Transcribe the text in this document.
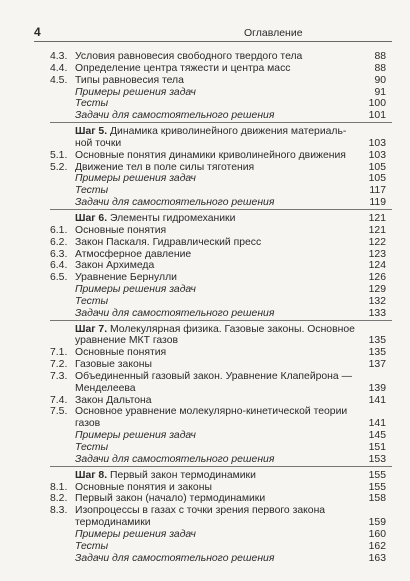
4	Оглавление
4.3. Условия равновесия свободного твердого тела	88
4.4. Определение центра тяжести и центра масс	88
4.5. Типы равновесия тела	90
Примеры решения задач	91
Тесты	100
Задачи для самостоятельного решения	101
Шаг 5. Динамика криволинейного движения материальной точки	103
5.1. Основные понятия динамики криволинейного движения	103
5.2. Движение тел в поле силы тяготения	105
Примеры решения задач	105
Тесты	117
Задачи для самостоятельного решения	119
Шаг 6. Элементы гидромеханики	121
6.1. Основные понятия	121
6.2. Закон Паскаля. Гидравлический пресс	122
6.3. Атмосферное давление	123
6.4. Закон Архимеда	124
6.5. Уравнение Бернулли	126
Примеры решения задач	129
Тесты	132
Задачи для самостоятельного решения	133
Шаг 7. Молекулярная физика. Газовые законы. Основное уравнение МКТ газов	135
7.1. Основные понятия	135
7.2. Газовые законы	137
7.3. Объединенный газовый закон. Уравнение Клапейрона — Менделеева	139
7.4. Закон Дальтона	141
7.5. Основное уравнение молекулярно-кинетической теории газов	141
Примеры решения задач	145
Тесты	151
Задачи для самостоятельного решения	153
Шаг 8. Первый закон термодинамики	155
8.1. Основные понятия и законы	155
8.2. Первый закон (начало) термодинамики	158
8.3. Изопроцессы в газах с точки зрения первого закона термодинамики	159
Примеры решения задач	160
Тесты	162
Задачи для самостоятельного решения	163
